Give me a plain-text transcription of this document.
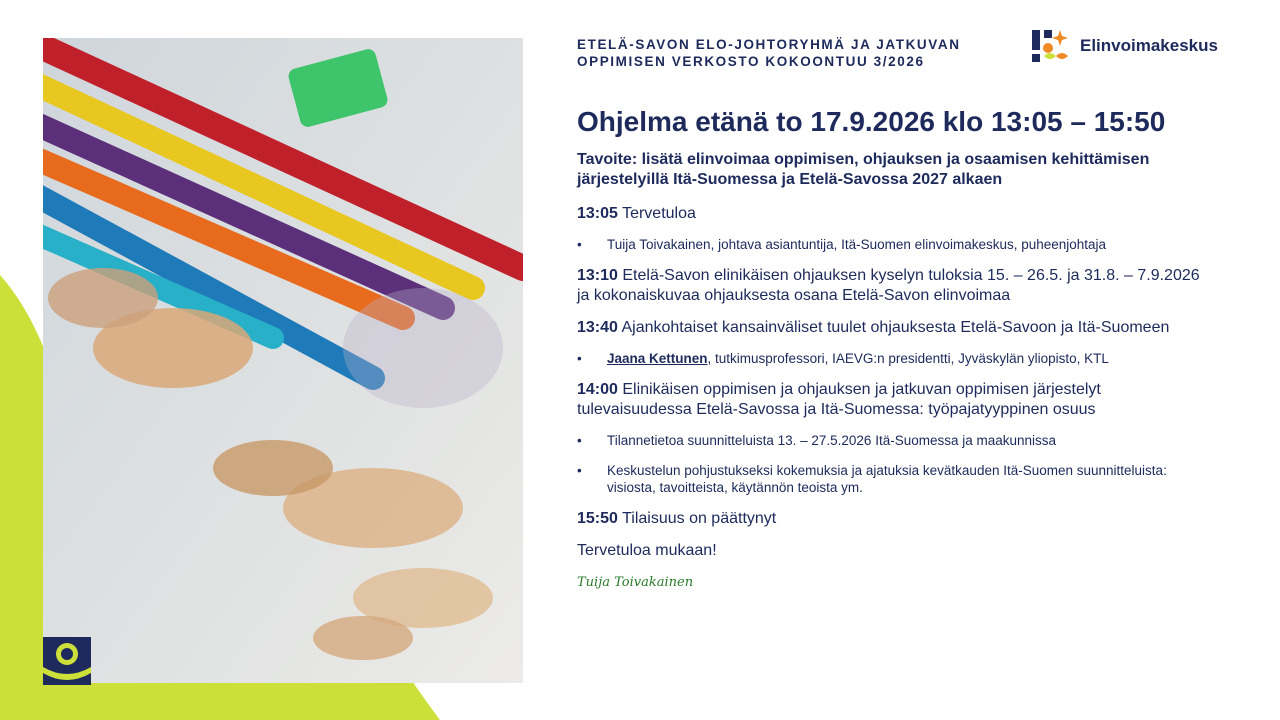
ETELÄ-SAVON ELO-JOHTORYHMÄ JA JATKUVAN
OPPIMISEN VERKOSTO KOKOONTUU 3/2026
Elinvoimakeskus
Ohjelma etänä to 17.9.2026 klo 13:05 – 15:50

Tavoite: lisätä elinvoimaa oppimisen, ohjauksen ja osaamisen kehittämisen järjestelyillä Itä-Suomessa ja Etelä-Savossa 2027 alkaen

13:05 Tervetuloa

• Tuija Toivakainen, johtava asiantuntija, Itä-Suomen elinvoimakeskus, puheenjohtaja

13:10 Etelä-Savon elinikäisen ohjauksen kyselyn tuloksia 15. – 26.5. ja 31.8. – 7.9.2026 ja kokonaiskuvaa ohjauksesta osana Etelä-Savon elinvoimaa

13:40 Ajankohtaiset kansainväliset tuulet ohjauksesta Etelä-Savoon ja Itä-Suomeen

• Jaana Kettunen, tutkimusprofessori, IAEVG:n presidentti, Jyväskylän yliopisto, KTL

14:00 Elinikäisen oppimisen ja ohjauksen ja jatkuvan oppimisen järjestelyt tulevaisuudessa Etelä-Savossa ja Itä-Suomessa: työpajatyyppinen osuus

• Tilannetietoa suunnitteluista 13. – 27.5.2026 Itä-Suomessa ja maakunnissa
• Keskustelun pohjustukseksi kokemuksia ja ajatuksia kevätkauden Itä-Suomen suunnitteluista: visiosta, tavoitteista, käytännön teoista ym.

15:50 Tilaisuus on päättynyt

Tervetuloa mukaan!

Tuija Toivakainen
